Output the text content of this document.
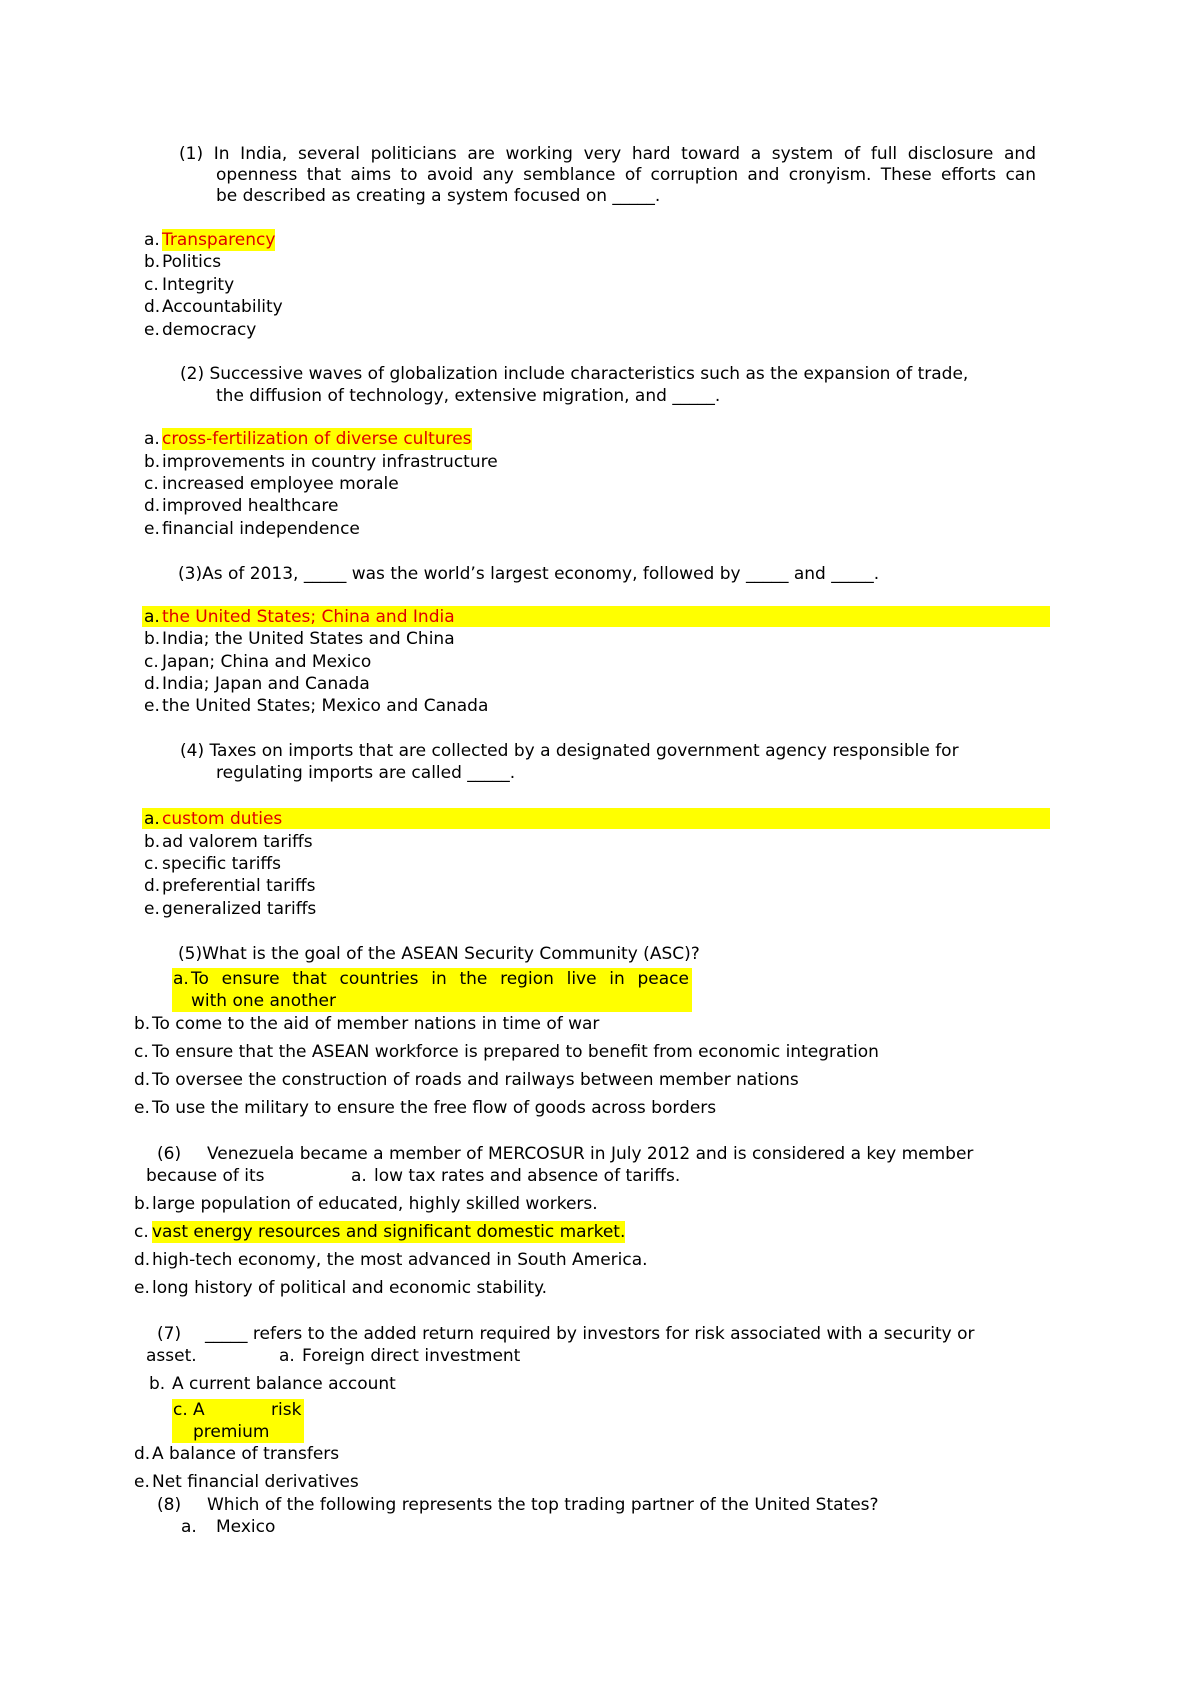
(1) In India, several politicians are working very hard toward a system of full disclosure and
openness that aims to avoid any semblance of corruption and cronyism. These efforts can
be described as creating a system focused on _____.
a. Transparency
b. Politics
c. Integrity
d. Accountability
e. democracy
(2) Successive waves of globalization include characteristics such as the expansion of trade,
the diffusion of technology, extensive migration, and _____.
a. cross-fertilization of diverse cultures
b. improvements in country infrastructure
c. increased employee morale
d. improved healthcare
e. financial independence
(3)As of 2013, _____ was the world’s largest economy, followed by _____ and _____.
a. the United States; China and India
b. India; the United States and China
c. Japan; China and Mexico
d. India; Japan and Canada
e. the United States; Mexico and Canada
(4) Taxes on imports that are collected by a designated government agency responsible for
regulating imports are called _____.
a. custom duties
b. ad valorem tariffs
c. specific tariffs
d. preferential tariffs
e. generalized tariffs
(5)What is the goal of the ASEAN Security Community (ASC)?
a. To ensure that countries in the region live in peace
with one another
b. To come to the aid of member nations in time of war
c. To ensure that the ASEAN workforce is prepared to benefit from economic integration
d. To oversee the construction of roads and railways between member nations
e. To use the military to ensure the free flow of goods across borders
(6) Venezuela became a member of MERCOSUR in July 2012 and is considered a key member
because of its	a. low tax rates and absence of tariffs.
b. large population of educated, highly skilled workers.
c. vast energy resources and significant domestic market.
d. high-tech economy, the most advanced in South America.
e. long history of political and economic stability.
(7) _____ refers to the added return required by investors for risk associated with a security or
asset.	a. Foreign direct investment
b. A current balance account
c. A	risk
premium
d. A balance of transfers
e. Net financial derivatives
(8) Which of the following represents the top trading partner of the United States?
a. Mexico
